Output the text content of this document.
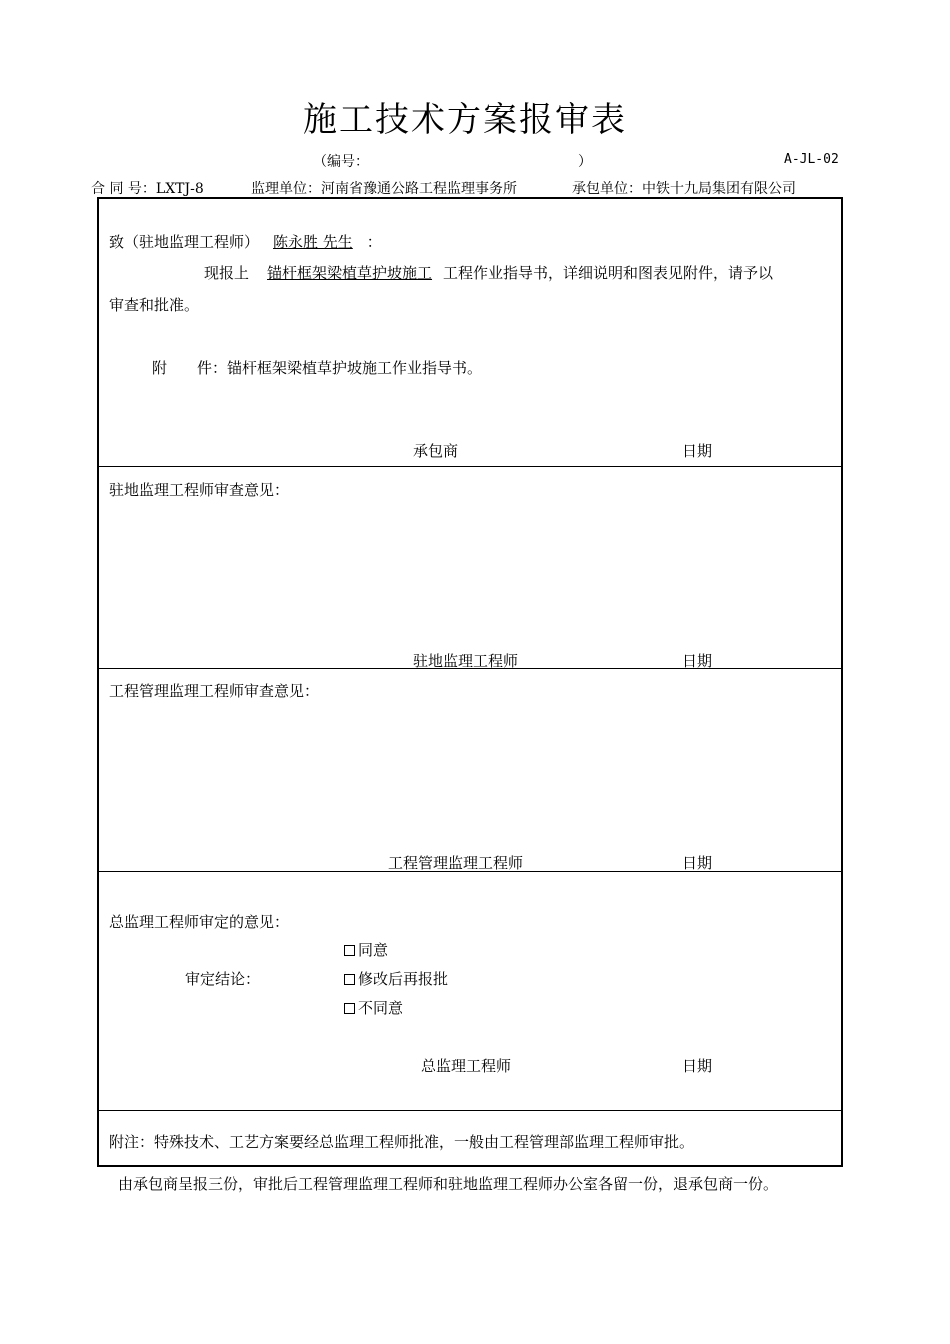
施工技术方案报审表
（编号：	）	A-JL-02
合 同 号：LXTJ-8	监理单位：河南省豫通公路工程监理事务所	承包单位：中铁十九局集团有限公司
致（驻地监理工程师） 陈永胜 先生 ：
现报上 锚杆框架梁植草护坡施工 工程作业指导书，详细说明和图表见附件，请予以
审查和批准。
附　　件：锚杆框架梁植草护坡施工作业指导书。
承包商	日期
驻地监理工程师审查意见：
驻地监理工程师	日期
工程管理监理工程师审查意见：
工程管理监理工程师	日期
总监理工程师审定的意见：
审定结论：
同意
修改后再报批
不同意
总监理工程师	日期
附注：特殊技术、工艺方案要经总监理工程师批准，一般由工程管理部监理工程师审批。
由承包商呈报三份，审批后工程管理监理工程师和驻地监理工程师办公室各留一份，退承包商一份。
